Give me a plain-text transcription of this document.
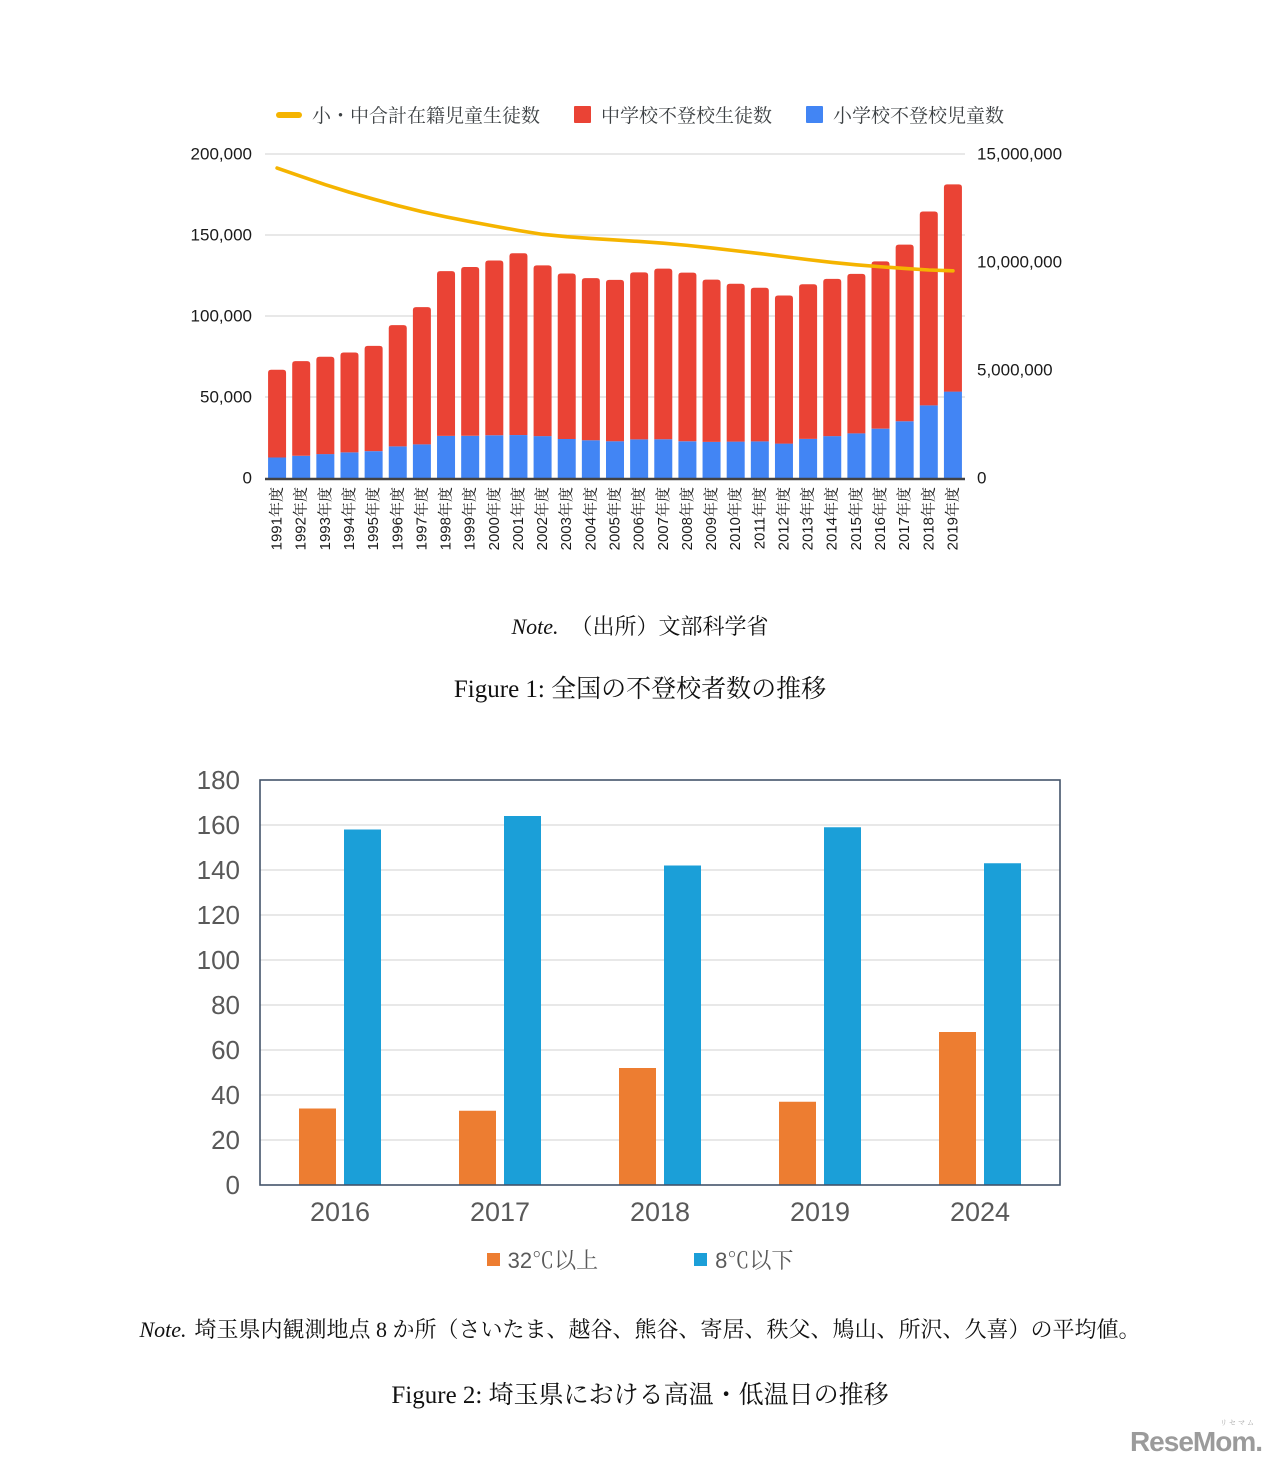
小・中合計在籍児童生徒数	中学校不登校生徒数	小学校不登校児童数
0
50,000
100,000
150,000
200,000
0
5,000,000
10,000,000
15,000,000
1991年度 1992年度 1993年度 1994年度 1995年度 1996年度 1997年度 1998年度 1999年度 2000年度 2001年度 2002年度 2003年度 2004年度 2005年度 2006年度 2007年度 2008年度 2009年度 2010年度 2011年度 2012年度 2013年度 2014年度 2015年度 2016年度 2017年度 2018年度 2019年度

Note. （出所）文部科学省

Figure 1: 全国の不登校者数の推移

0
20
40
60
80
100
120
140
160
180
2016	2017	2018	2019	2024
32℃以上	8℃以下

Note. 埼玉県内観測地点 8 か所（さいたま、越谷、熊谷、寄居、秩父、鳩山、所沢、久喜）の平均値。

Figure 2: 埼玉県における高温・低温日の推移

リセマム
ReseMom.
